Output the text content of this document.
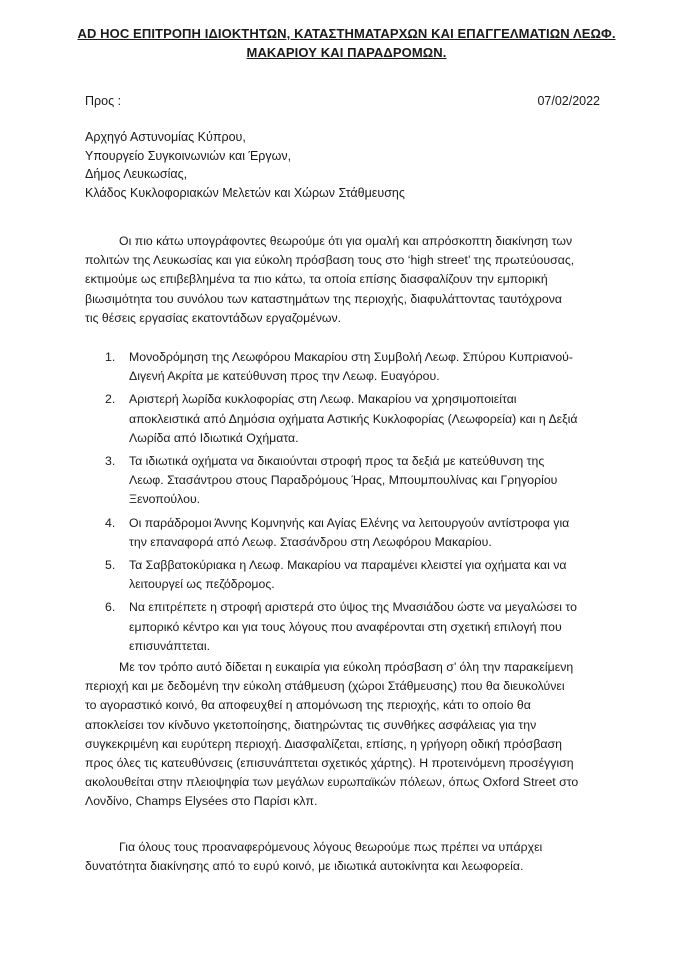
AD HOC ΕΠΙΤΡΟΠΗ ΙΔΙΟΚΤΗΤΩΝ, ΚΑΤΑΣΤΗΜΑΤΑΡΧΩΝ ΚΑΙ ΕΠΑΓΓΕΛΜΑΤΙΩΝ ΛΕΩΦ.
ΜΑΚΑΡΙΟΥ ΚΑΙ ΠΑΡΑΔΡΟΜΩΝ.
Προς :	07/02/2022
Αρχηγό Αστυνομίας Κύπρου,
Υπουργείο Συγκοινωνιών και Έργων,
Δήμος Λευκωσίας,
Κλάδος Κυκλοφοριακών Μελετών και Χώρων Στάθμευσης
Οι πιο κάτω υπογράφοντες θεωρούμε ότι για ομαλή και απρόσκοπτη διακίνηση των
πολιτών της Λευκωσίας και για εύκολη πρόσβαση τους στο ‘high street’ της πρωτεύουσας,
εκτιμούμε ως επιβεβλημένα τα πιο κάτω, τα οποία επίσης διασφαλίζουν την εμπορική
βιωσιμότητα του συνόλου των καταστημάτων της περιοχής, διαφυλάττοντας ταυτόχρονα
τις θέσεις εργασίας εκατοντάδων εργαζομένων.
1. Μονοδρόμηση της Λεωφόρου Μακαρίου στη Συμβολή Λεωφ. Σπύρου Κυπριανού-
Διγενή Ακρίτα με κατεύθυνση προς την Λεωφ. Ευαγόρου.
2. Αριστερή λωρίδα κυκλοφορίας στη Λεωφ. Μακαρίου να χρησιμοποιείται
αποκλειστικά από Δημόσια οχήματα Αστικής Κυκλοφορίας (Λεωφορεία) και η Δεξιά
Λωρίδα από Ιδιωτικά Οχήματα.
3. Τα ιδιωτικά οχήματα να δικαιούνται στροφή προς τα δεξιά με κατεύθυνση της
Λεωφ. Στασάντρου στους Παραδρόμους Ήρας, Μπουμπουλίνας και Γρηγορίου
Ξενοπούλου.
4. Οι παράδρομοι Άννης Κομνηνής και Αγίας Ελένης να λειτουργούν αντίστροφα για
την επαναφορά από Λεωφ. Στασάνδρου στη Λεωφόρου Μακαρίου.
5. Τα Σαββατοκύριακα η Λεωφ. Μακαρίου να παραμένει κλειστεί για οχήματα και να
λειτουργεί ως πεζόδρομος.
6. Να επιτρέπετε η στροφή αριστερά στο ύψος της Μνασιάδου ώστε να μεγαλώσει το
εμπορικό κέντρο και για τους λόγους που αναφέρονται στη σχετική επιλογή που
επισυνάπτεται.
Με τον τρόπο αυτό δίδεται η ευκαιρία για εύκολη πρόσβαση σ’ όλη την παρακείμενη
περιοχή και με δεδομένη την εύκολη στάθμευση (χώροι Στάθμευσης) που θα διευκολύνει
το αγοραστικό κοινό, θα αποφευχθεί η απομόνωση της περιοχής, κάτι το οποίο θα
αποκλείσει τον κίνδυνο γκετοποίησης, διατηρώντας τις συνθήκες ασφάλειας για την
συγκεκριμένη και ευρύτερη περιοχή. Διασφαλίζεται, επίσης, η γρήγορη οδική πρόσβαση
προς όλες τις κατευθύνσεις (επισυνάπτεται σχετικός χάρτης). Η προτεινόμενη προσέγγιση
ακολουθείται στην πλειοψηφία των μεγάλων ευρωπαϊκών πόλεων, όπως Oxford Street στο
Λονδίνο, Champs Elysées στο Παρίσι κλπ.
Για όλους τους προαναφερόμενους λόγους θεωρούμε πως πρέπει να υπάρχει
δυνατότητα διακίνησης από το ευρύ κοινό, με ιδιωτικά αυτοκίνητα και λεωφορεία.
